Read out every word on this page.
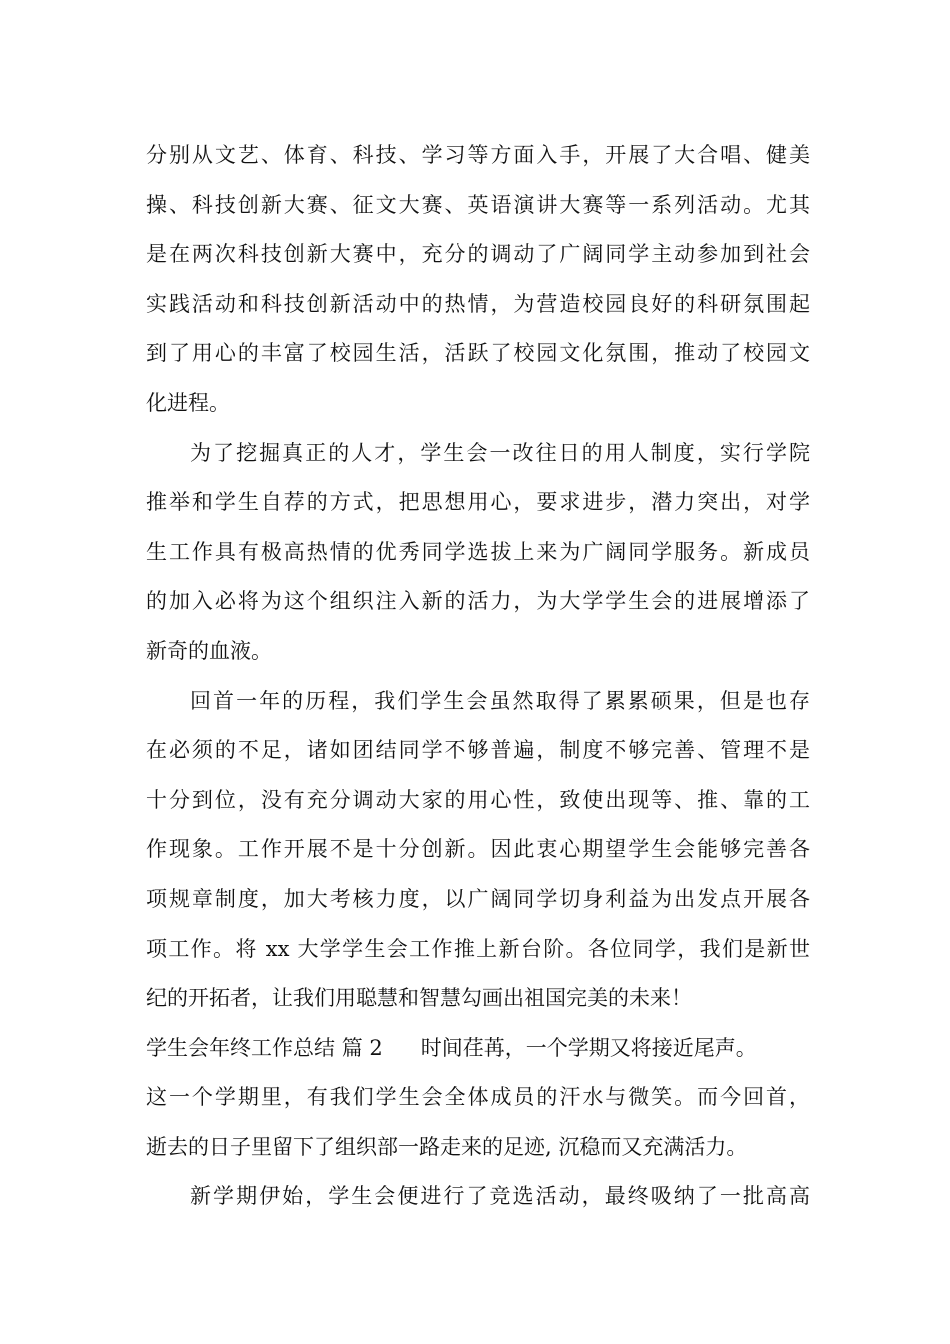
分别从文艺、体育、科技、学习等方面入手，开展了大合唱、健美
操、科技创新大赛、征文大赛、英语演讲大赛等一系列活动。尤其
是在两次科技创新大赛中，充分的调动了广阔同学主动参加到社会
实践活动和科技创新活动中的热情，为营造校园良好的科研氛围起
到了用心的丰富了校园生活，活跃了校园文化氛围，推动了校园文
化进程。
为了挖掘真正的人才，学生会一改往日的用人制度，实行学院
推举和学生自荐的方式，把思想用心，要求进步，潜力突出，对学
生工作具有极高热情的优秀同学选拔上来为广阔同学服务。新成员
的加入必将为这个组织注入新的活力，为大学学生会的进展增添了
新奇的血液。
回首一年的历程，我们学生会虽然取得了累累硕果，但是也存
在必须的不足，诸如团结同学不够普遍，制度不够完善、管理不是
十分到位，没有充分调动大家的用心性，致使出现等、推、靠的工
作现象。工作开展不是十分创新。因此衷心期望学生会能够完善各
项规章制度，加大考核力度，以广阔同学切身利益为出发点开展各
项工作。将 xx 大学学生会工作推上新台阶。各位同学，我们是新世
纪的开拓者，让我们用聪慧和智慧勾画出祖国完美的未来！
学生会年终工作总结 篇 2 时间荏苒，一个学期又将接近尾声。
这一个学期里，有我们学生会全体成员的汗水与微笑。而今回首，
逝去的日子里留下了组织部一路走来的足迹, 沉稳而又充满活力。
新学期伊始，学生会便进行了竞选活动，最终吸纳了一批高高
